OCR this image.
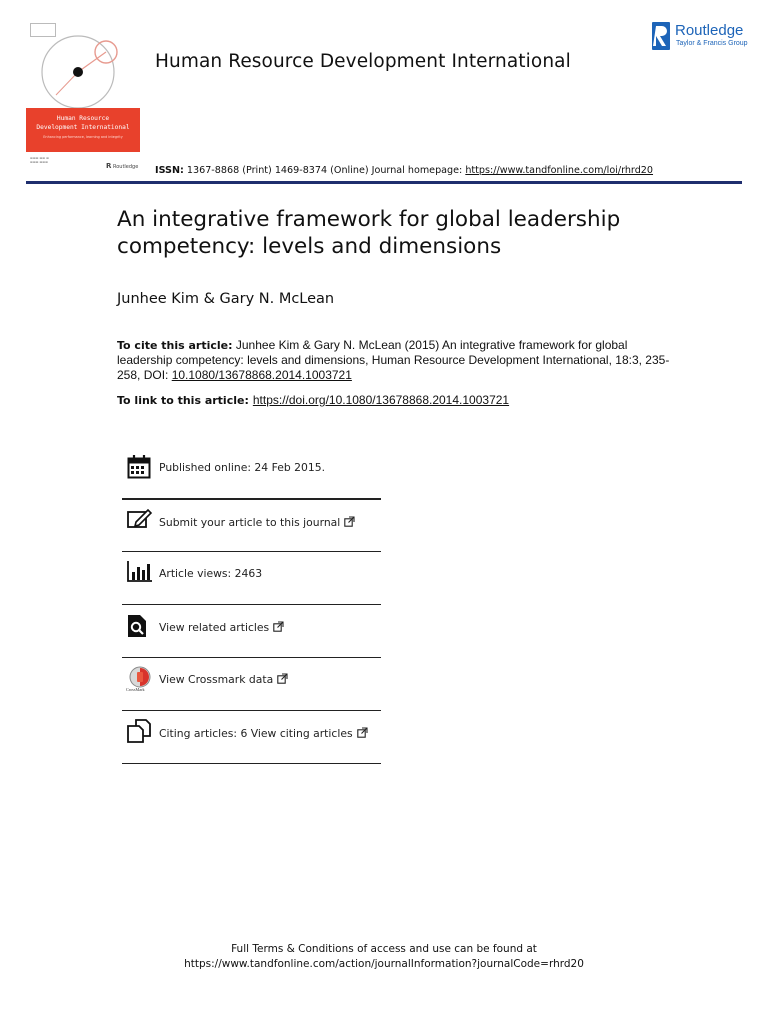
Human Resource
Development International
Enhancing performance, learning and integrity
▬▬▬ ▬▬ ▬
▬▬▬ ▬▬▬	R Routledge
Human Resource Development International
Routledge
Taylor & Francis Group
ISSN: 1367-8868 (Print) 1469-8374 (Online) Journal homepage: https://www.tandfonline.com/loi/rhrd20
An integrative framework for global leadership competency: levels and dimensions
Junhee Kim & Gary N. McLean
To cite this article: Junhee Kim & Gary N. McLean (2015) An integrative framework for global leadership competency: levels and dimensions, Human Resource Development International, 18:3, 235-258, DOI: 10.1080/13678868.2014.1003721
To link to this article: https://doi.org/10.1080/13678868.2014.1003721
Published online: 24 Feb 2015.
Submit your article to this journal
Article views: 2463
View related articles
CrossMark
View Crossmark data
Citing articles: 6 View citing articles
Full Terms & Conditions of access and use can be found at
https://www.tandfonline.com/action/journalInformation?journalCode=rhrd20
